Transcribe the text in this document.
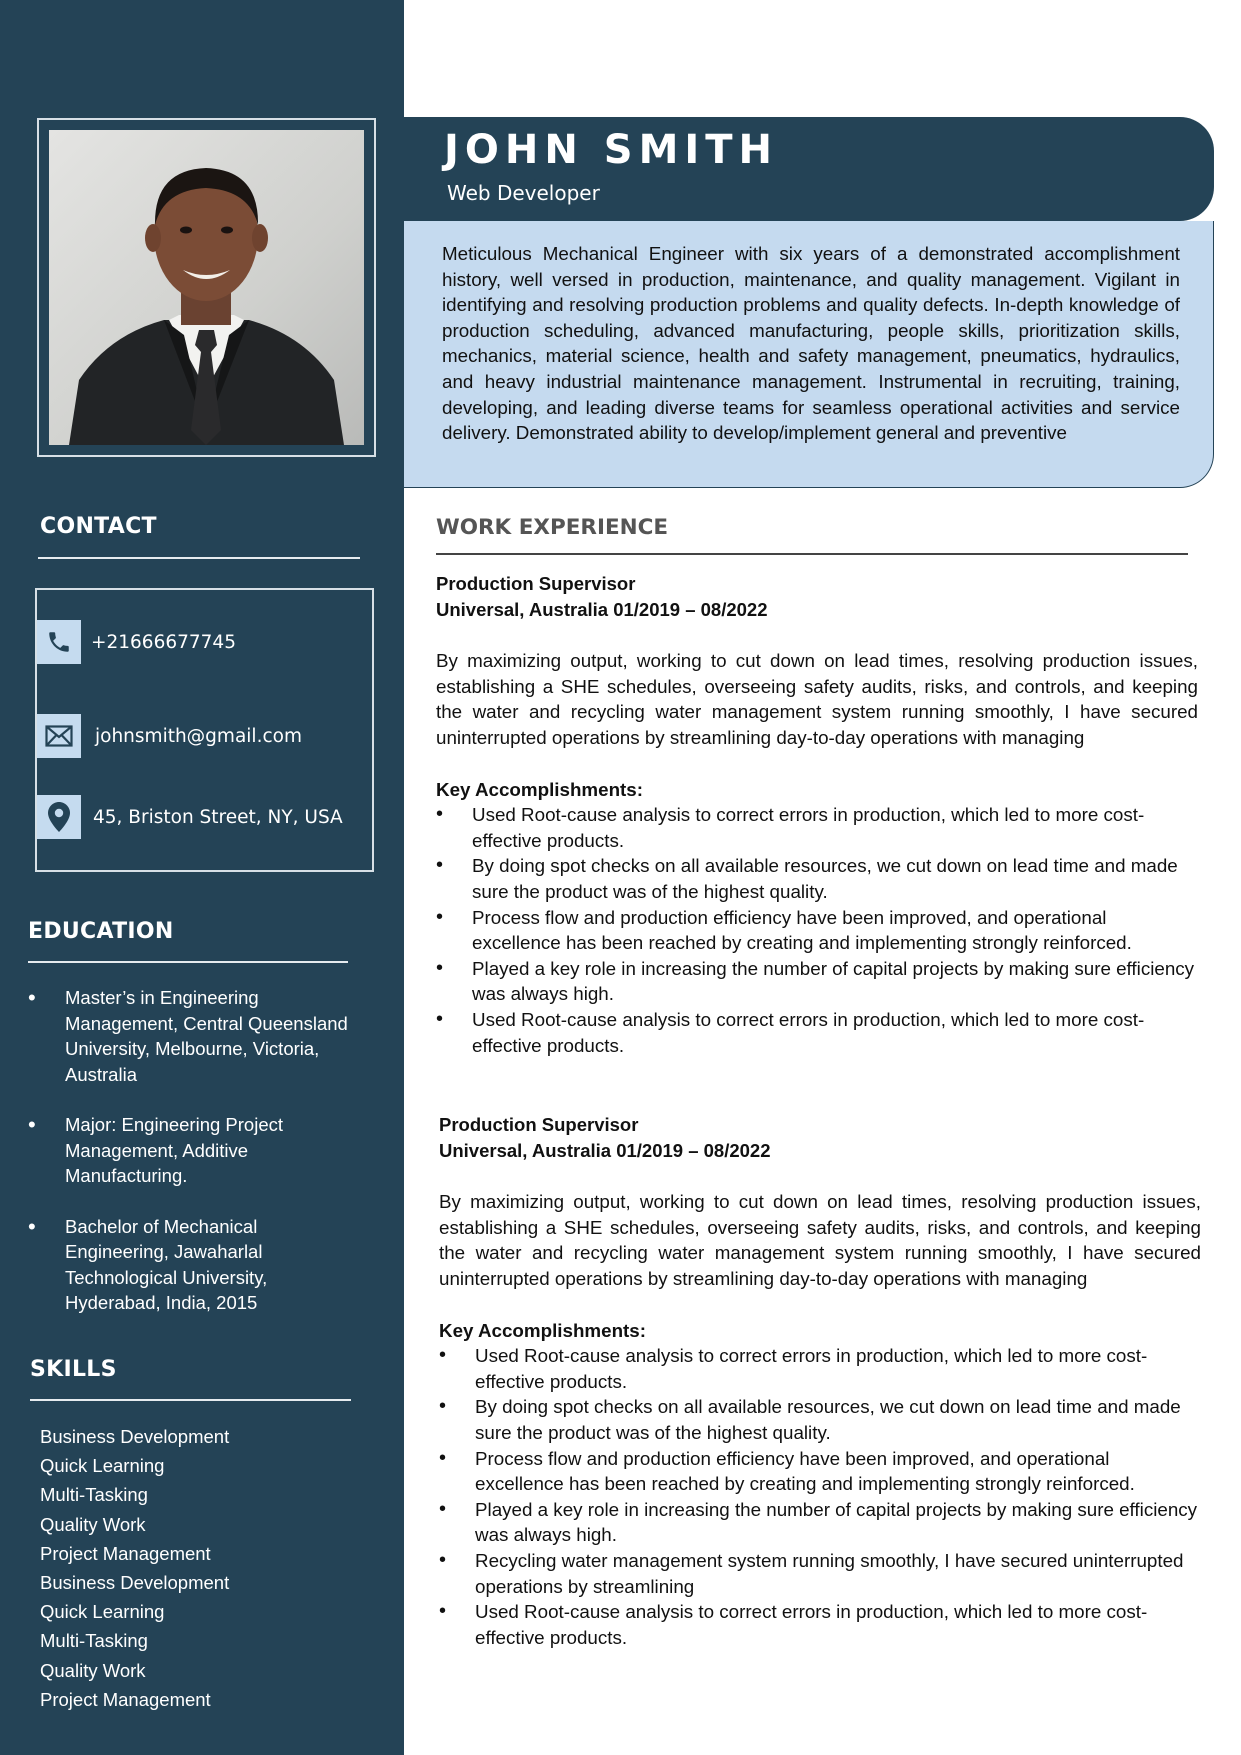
CONTACT
+21666677745
johnsmith@gmail.com
45, Briston Street, NY, USA
EDUCATION
• Master’s in Engineering Management, Central Queensland University, Melbourne, Victoria, Australia
• Major: Engineering Project Management, Additive Manufacturing.
• Bachelor of Mechanical Engineering, Jawaharlal Technological University, Hyderabad, India, 2015
SKILLS
Business Development
Quick Learning
Multi-Tasking
Quality Work
Project Management
Business Development
Quick Learning
Multi-Tasking
Quality Work
Project Management
JOHN SMITH
Web Developer

Meticulous Mechanical Engineer with six years of a demonstrated accomplishment history, well versed in production, maintenance, and quality management. Vigilant in identifying and resolving production problems and quality defects. In-depth knowledge of production scheduling, advanced manufacturing, people skills, prioritization skills, mechanics, material science, health and safety management, pneumatics, hydraulics, and heavy industrial maintenance management. Instrumental in recruiting, training, developing, and leading diverse teams for seamless operational activities and service delivery. Demonstrated ability to develop/implement general and preventive

WORK EXPERIENCE
Production Supervisor
Universal, Australia 01/2019 – 08/2022

By maximizing output, working to cut down on lead times, resolving production issues, establishing a SHE schedules, overseeing safety audits, risks, and controls, and keeping the water and recycling water management system running smoothly, I have secured uninterrupted operations by streamlining day-to-day operations with managing

Key Accomplishments:
• Used Root-cause analysis to correct errors in production, which led to more cost-effective products.
• By doing spot checks on all available resources, we cut down on lead time and made sure the product was of the highest quality.
• Process flow and production efficiency have been improved, and operational excellence has been reached by creating and implementing strongly reinforced.
• Played a key role in increasing the number of capital projects by making sure efficiency was always high.
• Used Root-cause analysis to correct errors in production, which led to more cost-effective products.
Production Supervisor
Universal, Australia 01/2019 – 08/2022

By maximizing output, working to cut down on lead times, resolving production issues, establishing a SHE schedules, overseeing safety audits, risks, and controls, and keeping the water and recycling water management system running smoothly, I have secured uninterrupted operations by streamlining day-to-day operations with managing

Key Accomplishments:
• Used Root-cause analysis to correct errors in production, which led to more cost-effective products.
• By doing spot checks on all available resources, we cut down on lead time and made sure the product was of the highest quality.
• Process flow and production efficiency have been improved, and operational excellence has been reached by creating and implementing strongly reinforced.
• Played a key role in increasing the number of capital projects by making sure efficiency was always high.
• Recycling water management system running smoothly, I have secured uninterrupted operations by streamlining
• Used Root-cause analysis to correct errors in production, which led to more cost-effective products.
